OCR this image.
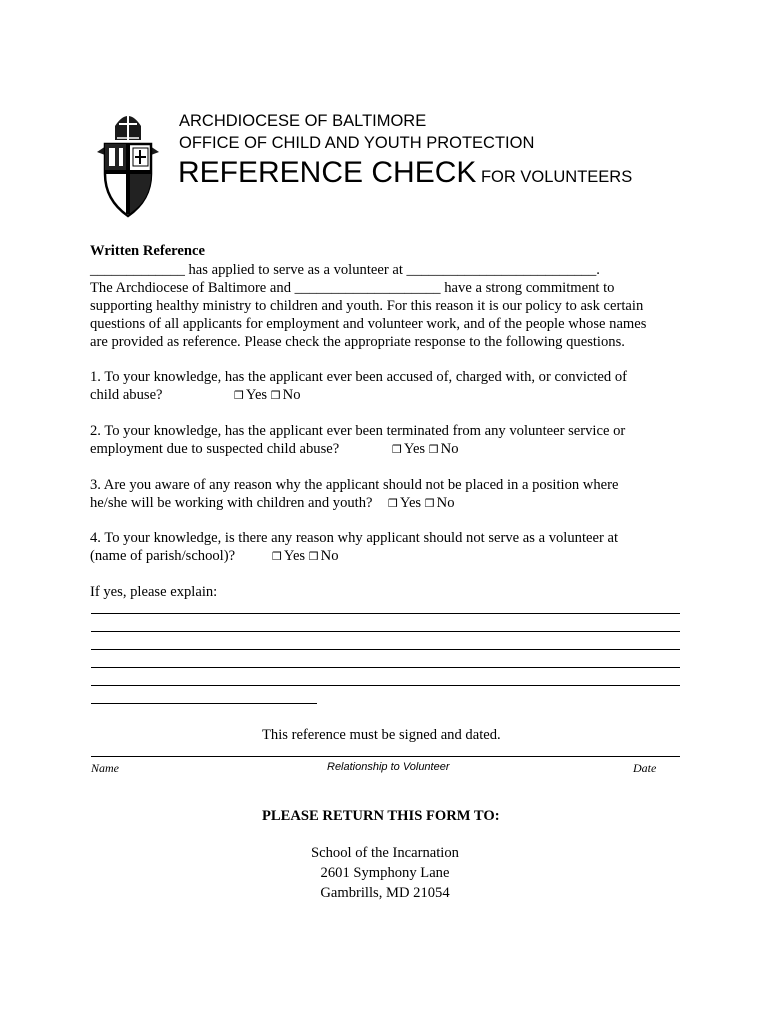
ARCHDIOCESE OF BALTIMORE
OFFICE OF CHILD AND YOUTH PROTECTION
REFERENCE CHECK FOR VOLUNTEERS
Written Reference
_____________ has applied to serve as a volunteer at __________________________.
The Archdiocese of Baltimore and ____________________ have a strong commitment to
supporting healthy ministry to children and youth. For this reason it is our policy to ask certain
questions of all applicants for employment and volunteer work, and of the people whose names
are provided as reference. Please check the appropriate response to the following questions.
1. To your knowledge, has the applicant ever been accused of, charged with, or convicted of
child abuse?	❒ Yes ❒ No
2. To your knowledge, has the applicant ever been terminated from any volunteer service or
employment due to suspected child abuse?	❒ Yes ❒ No
3. Are you aware of any reason why the applicant should not be placed in a position where
he/she will be working with children and youth? ❒ Yes ❒ No
4. To your knowledge, is there any reason why applicant should not serve as a volunteer at
(name of parish/school)?	❒ Yes ❒ No
If yes, please explain:
This reference must be signed and dated.
Name	Relationship to Volunteer	Date
PLEASE RETURN THIS FORM TO:
School of the Incarnation
2601 Symphony Lane
Gambrills, MD 21054
